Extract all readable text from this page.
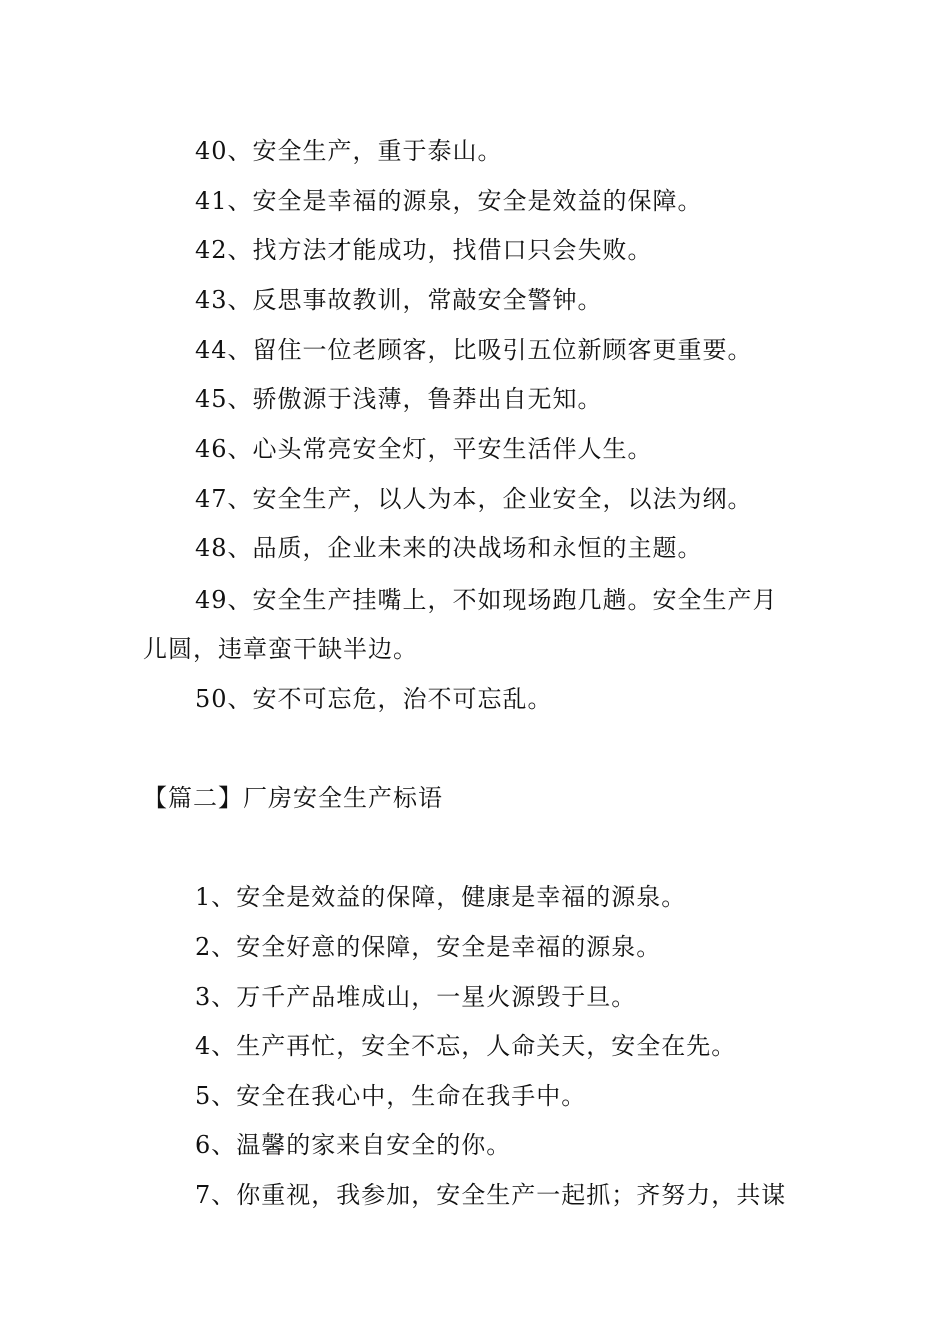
40、安全生产，重于泰山。
41、安全是幸福的源泉，安全是效益的保障。
42、找方法才能成功，找借口只会失败。
43、反思事故教训，常敲安全警钟。
44、留住一位老顾客，比吸引五位新顾客更重要。
45、骄傲源于浅薄，鲁莽出自无知。
46、心头常亮安全灯，平安生活伴人生。
47、安全生产，以人为本，企业安全，以法为纲。
48、品质，企业未来的决战场和永恒的主题。
49、安全生产挂嘴上，不如现场跑几趟。安全生产月
儿圆，违章蛮干缺半边。
50、安不可忘危，治不可忘乱。
【篇二】厂房安全生产标语
1、安全是效益的保障，健康是幸福的源泉。
2、安全好意的保障，安全是幸福的源泉。
3、万千产品堆成山，一星火源毁于旦。
4、生产再忙，安全不忘，人命关天，安全在先。
5、安全在我心中，生命在我手中。
6、温馨的家来自安全的你。
7、你重视，我参加，安全生产一起抓；齐努力，共谋
